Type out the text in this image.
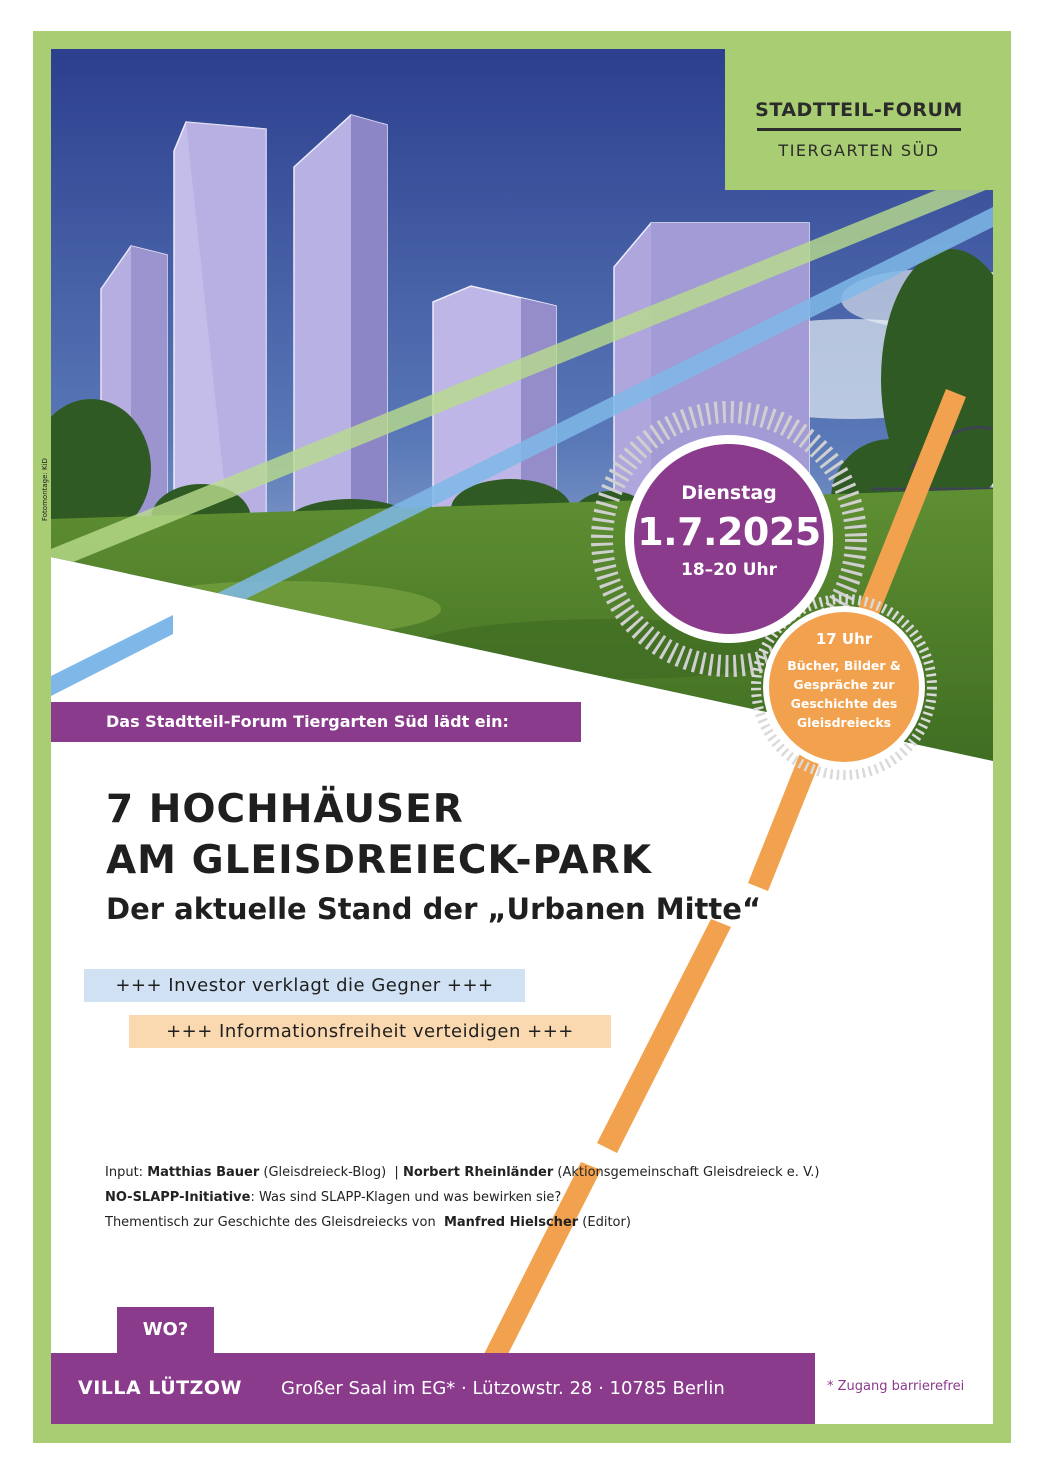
Fotomontage: KiD
STADTTEIL-FORUM
TIERGARTEN SÜD
Dienstag
1.7.2025
18–20 Uhr
17 Uhr
Bücher, Bilder & Gespräche zur Geschichte des Gleisdreiecks
Das Stadtteil-Forum Tiergarten Süd lädt ein:
7 HOCHHÄUSER
AM GLEISDREIECK-PARK
Der aktuelle Stand der „Urbanen Mitte“
+++ Investor verklagt die Gegner +++
+++ Informationsfreiheit verteidigen +++
Input: Matthias Bauer (Gleisdreieck-Blog)  | Norbert Rheinländer (Aktionsgemeinschaft Gleisdreieck e. V.)
NO-SLAPP-Initiative: Was sind SLAPP-Klagen und was bewirken sie?
Thementisch zur Geschichte des Gleisdreiecks von  Manfred Hielscher (Editor)
WO?
VILLA LÜTZOW Großer Saal im EG* · Lützowstr. 28 · 10785 Berlin	* Zugang barrierefrei
